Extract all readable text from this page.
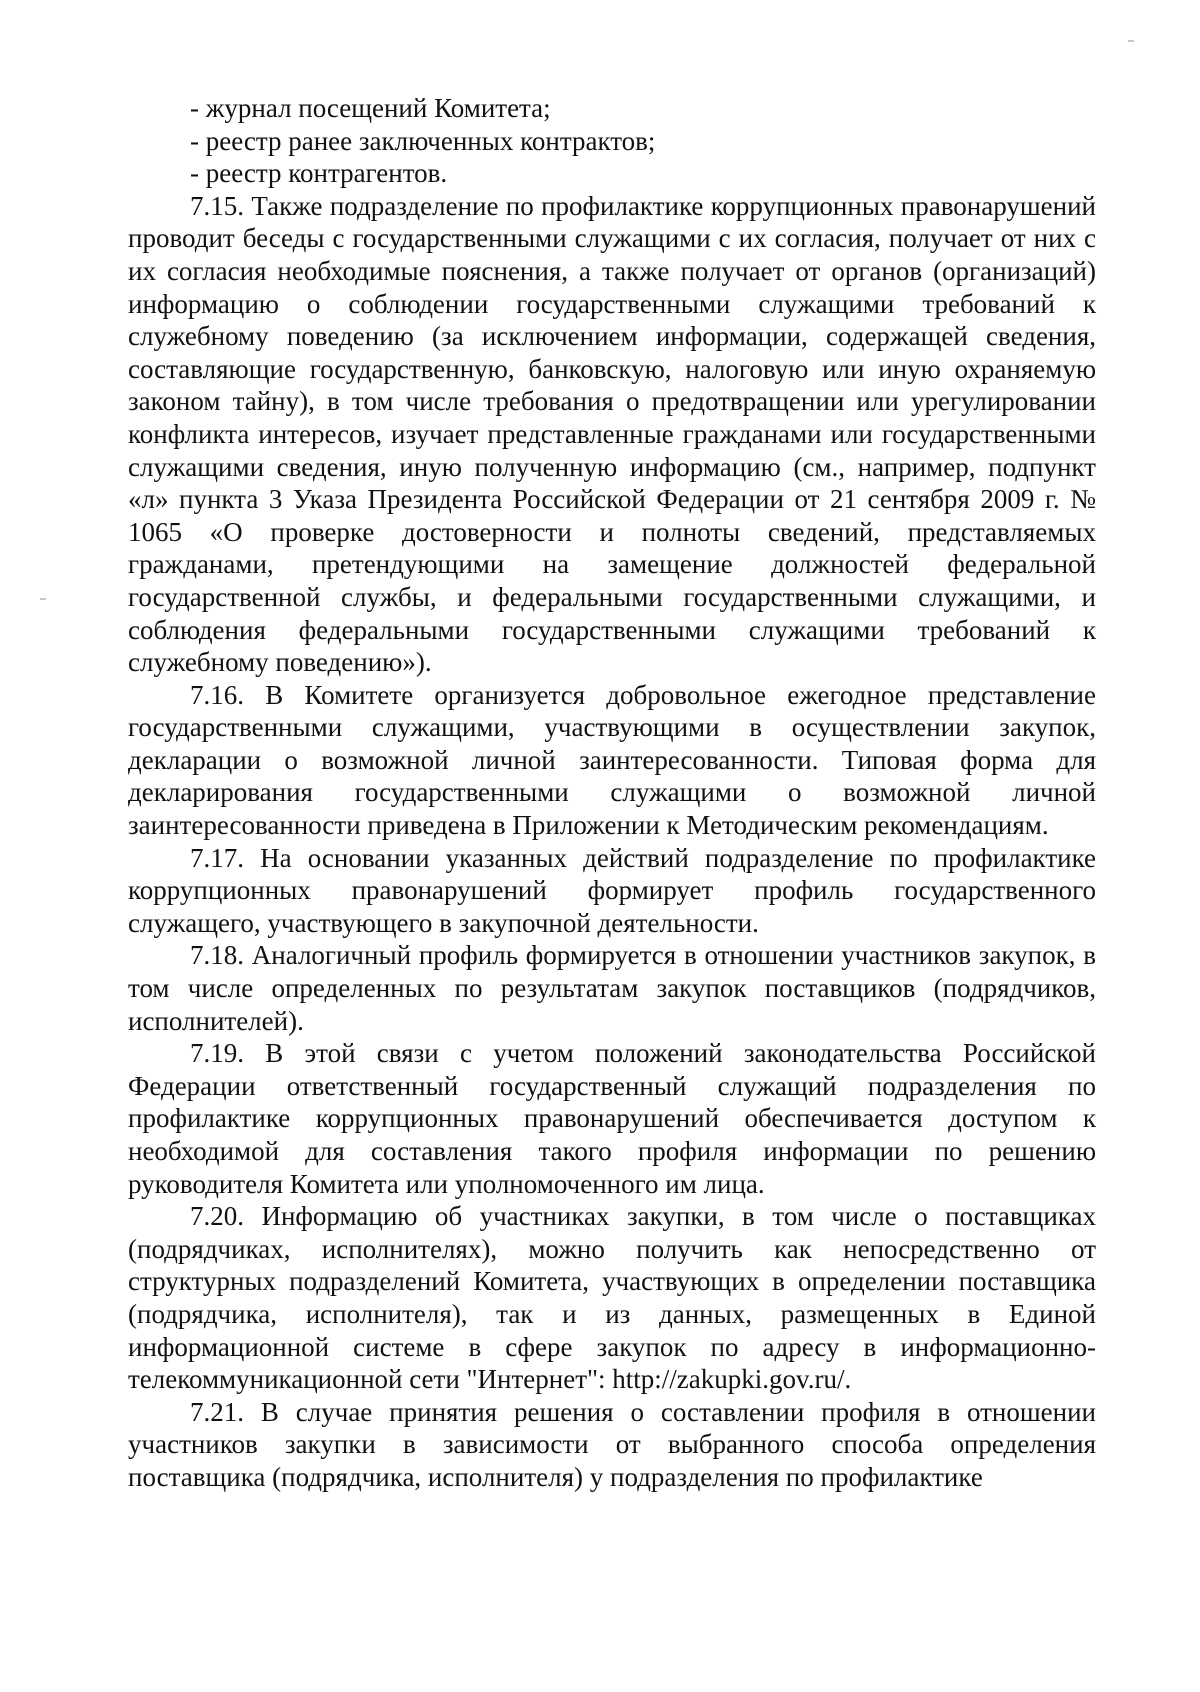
- журнал посещений Комитета;

- реестр ранее заключенных контрактов;

- реестр контрагентов.

7.15. Также подразделение по профилактике коррупционных правонарушений проводит беседы с государственными служащими с их согласия, получает от них с их согласия необходимые пояснения, а также получает от органов (организаций) информацию о соблюдении государственными служащими требований к служебному поведению (за исключением информации, содержащей сведения, составляющие государственную, банковскую, налоговую или иную охраняемую законом тайну), в том числе требования о предотвращении или урегулировании конфликта интересов, изучает представленные гражданами или государственными служащими сведения, иную полученную информацию (см., например, подпункт «л» пункта 3 Указа Президента Российской Федерации от 21 сентября 2009 г. № 1065 «О проверке достоверности и полноты сведений, представляемых гражданами, претендующими на замещение должностей федеральной государственной службы, и федеральными государственными служащими, и соблюдения федеральными государственными служащими требований к служебному поведению»).

7.16. В Комитете организуется добровольное ежегодное представление государственными служащими, участвующими в осуществлении закупок, декларации о возможной личной заинтересованности. Типовая форма для декларирования государственными служащими о возможной личной заинтересованности приведена в Приложении к Методическим рекомендациям.

7.17. На основании указанных действий подразделение по профилактике коррупционных правонарушений формирует профиль государственного служащего, участвующего в закупочной деятельности.

7.18. Аналогичный профиль формируется в отношении участников закупок, в том числе определенных по результатам закупок поставщиков (подрядчиков, исполнителей).

7.19. В этой связи с учетом положений законодательства Российской Федерации ответственный государственный служащий подразделения по профилактике коррупционных правонарушений обеспечивается доступом к необходимой для составления такого профиля информации по решению руководителя Комитета или уполномоченного им лица.

7.20. Информацию об участниках закупки, в том числе о поставщиках (подрядчиках, исполнителях), можно получить как непосредственно от структурных подразделений Комитета, участвующих в определении поставщика (подрядчика, исполнителя), так и из данных, размещенных в Единой информационной системе в сфере закупок по адресу в информационно-телекоммуникационной сети "Интернет": http://zakupki.gov.ru/.

7.21. В случае принятия решения о составлении профиля в отношении участников закупки в зависимости от выбранного способа определения поставщика (подрядчика, исполнителя) у подразделения по профилактике
